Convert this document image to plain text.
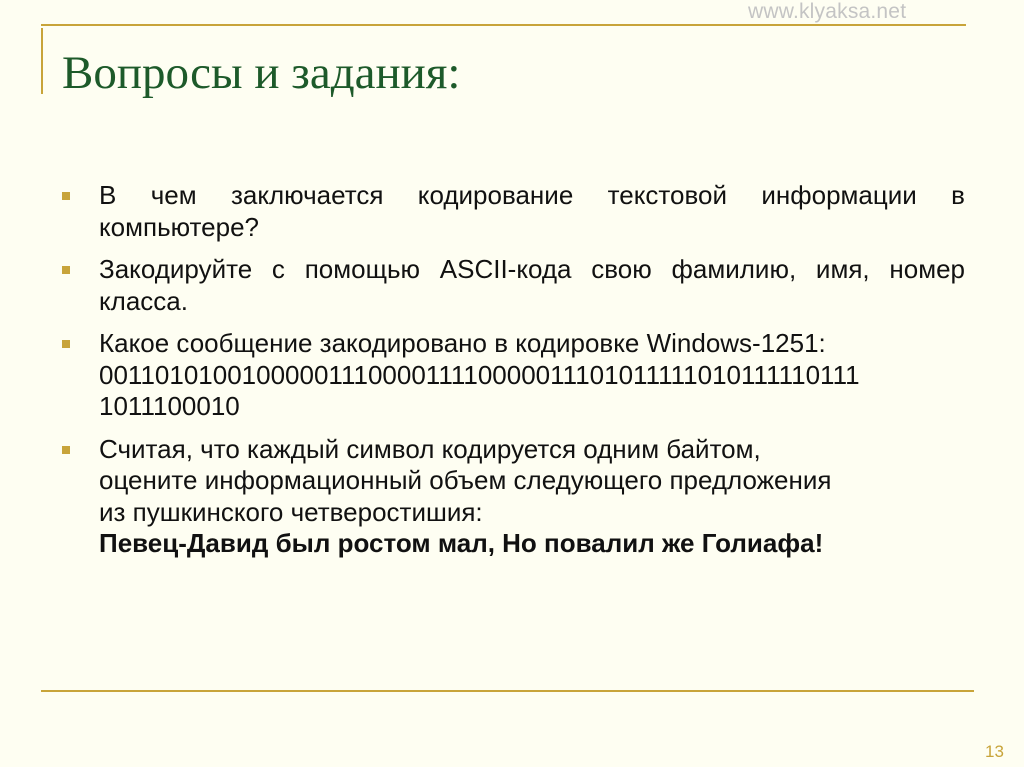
www.klyaksa.net
Вопросы и задания:
В чем заключается кодирование текстовой информации в компьютере?
Закодируйте с помощью ASCII-кода свою фамилию, имя, номер класса.
Какое сообщение закодировано в кодировке Windows-1251:
0011010100100000111000011110000011101011111010111110111
1011100010
Считая, что каждый символ кодируется одним байтом,
оцените информационный объем следующего предложения
из пушкинского четверостишия:
Певец-Давид был ростом мал, Но повалил же Голиафа!
13
